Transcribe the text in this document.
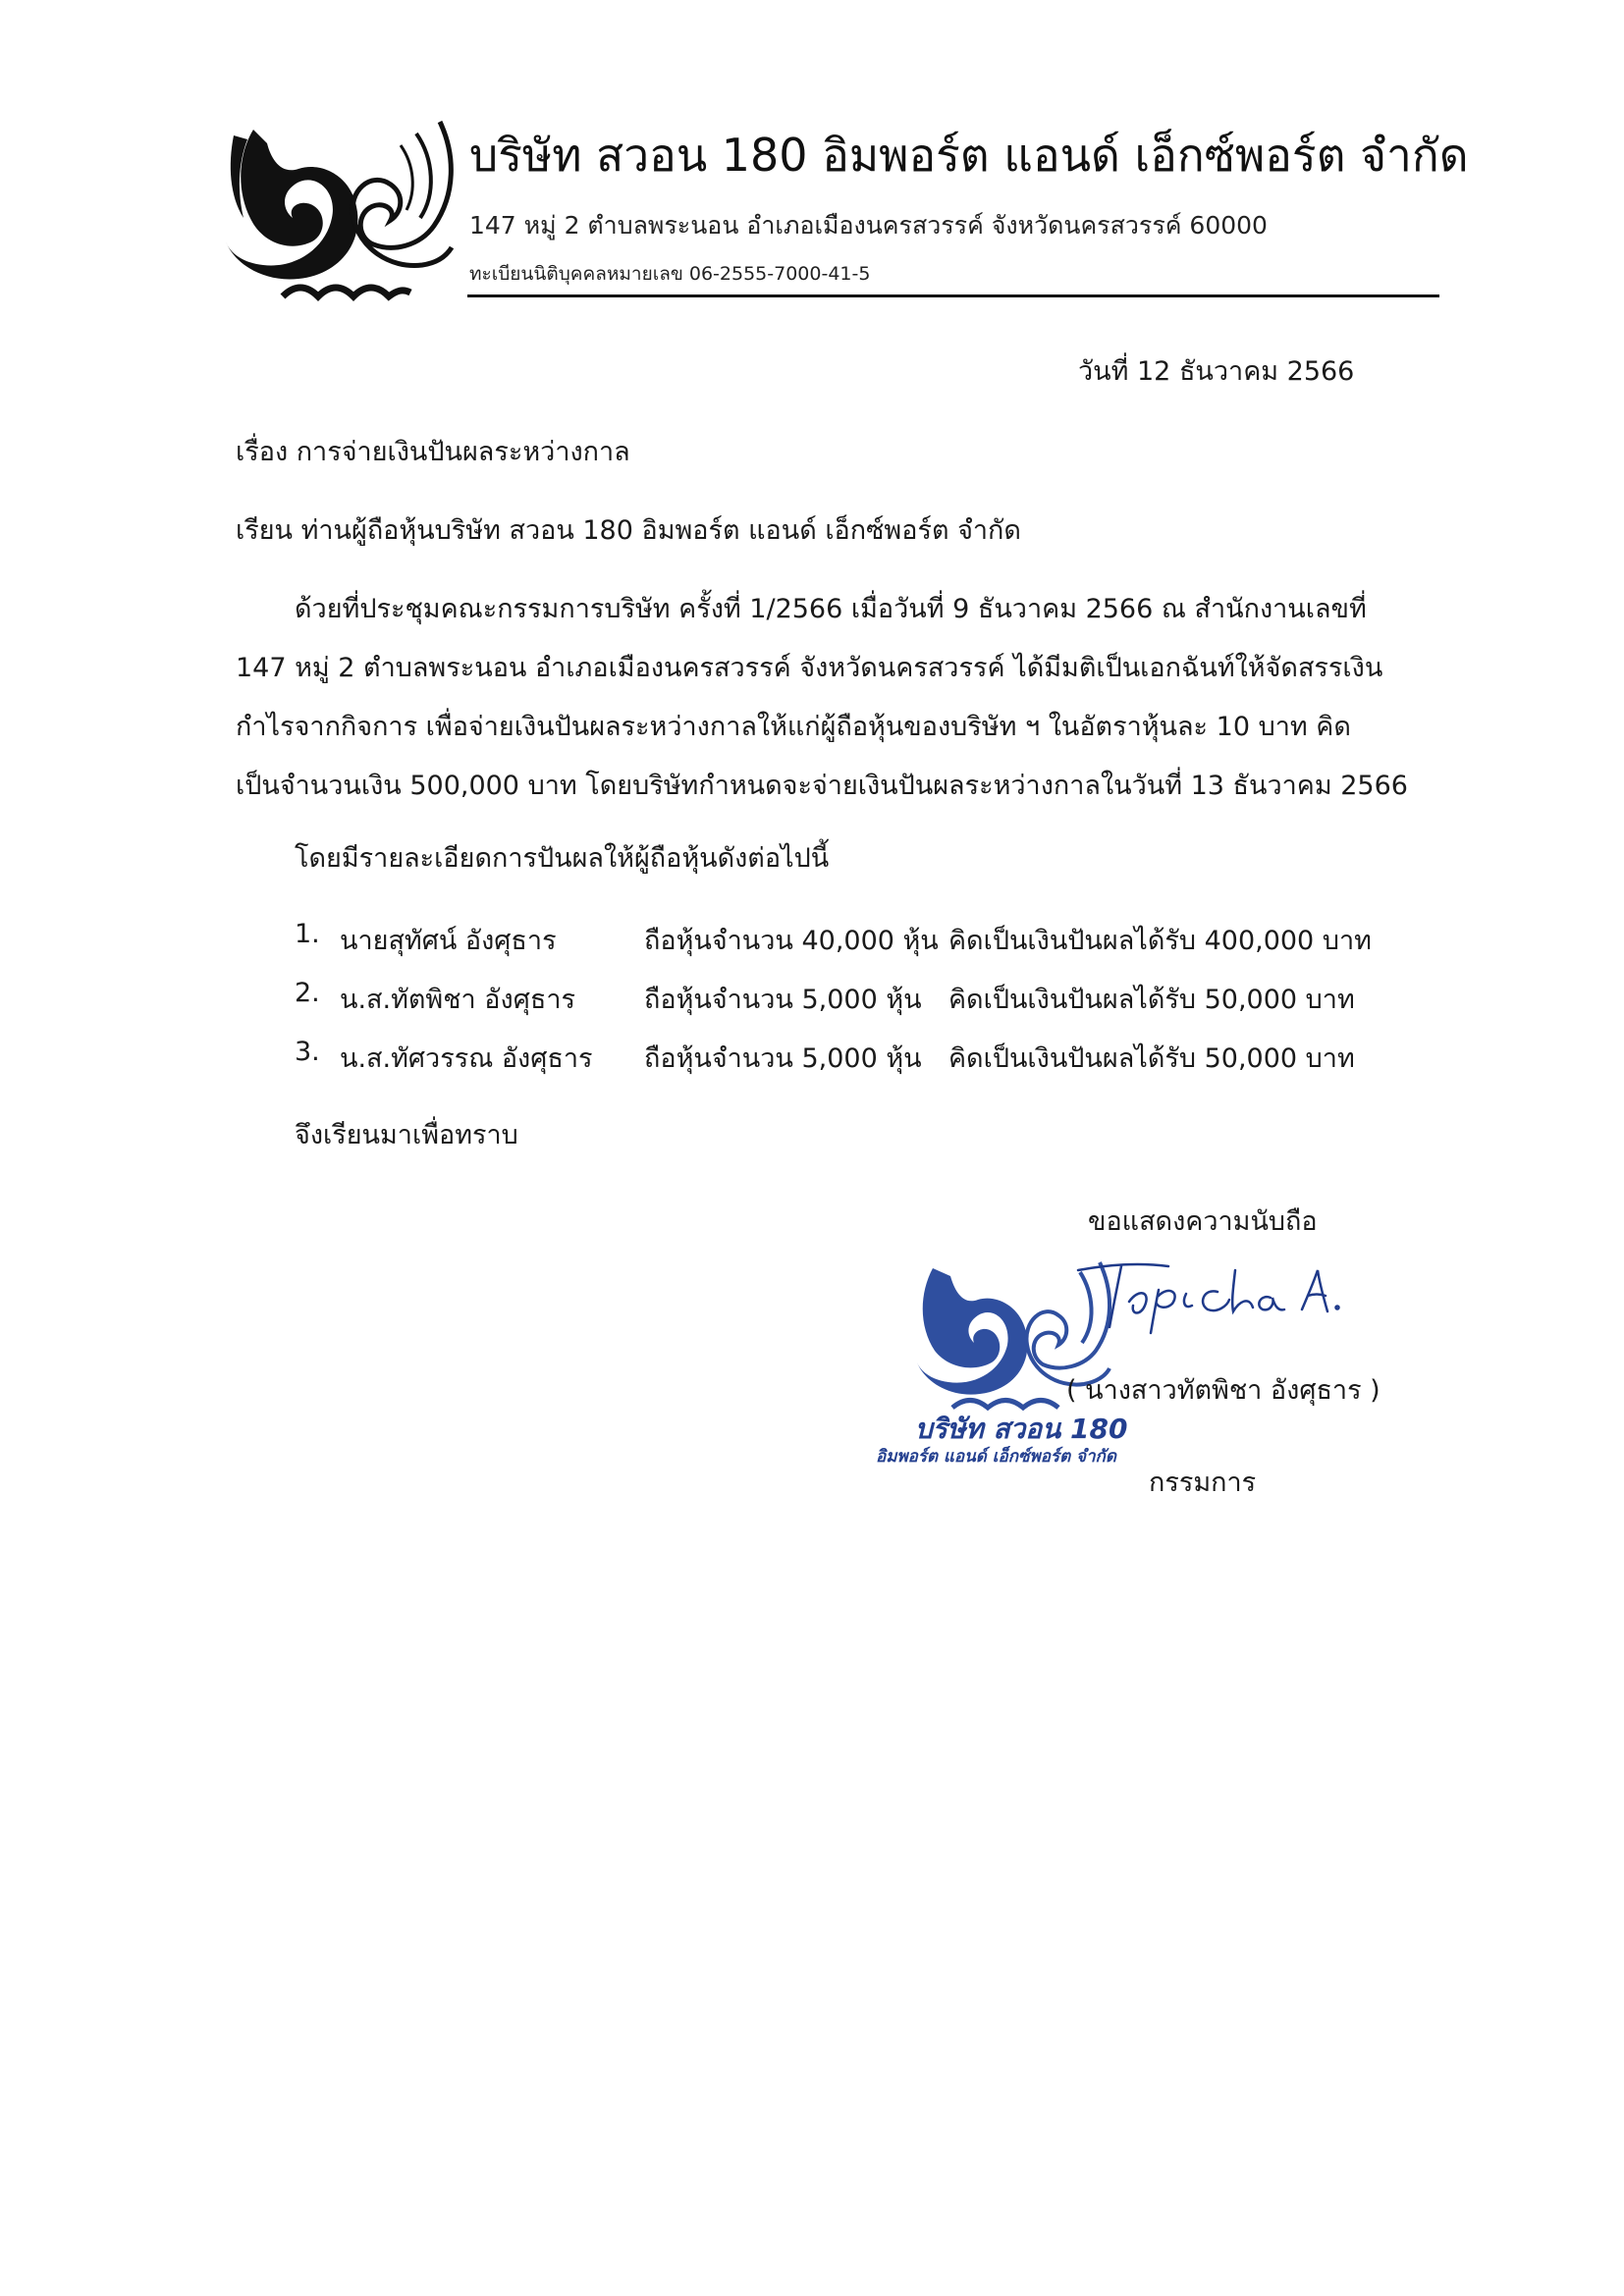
บริษัท สวอน 180 อิมพอร์ต แอนด์ เอ็กซ์พอร์ต จำกัด
147 หมู่ 2 ตำบลพระนอน อำเภอเมืองนครสวรรค์ จังหวัดนครสวรรค์ 60000
ทะเบียนนิติบุคคลหมายเลข 06-2555-7000-41-5
วันที่ 12 ธันวาคม 2566
เรื่อง การจ่ายเงินปันผลระหว่างกาล
เรียน ท่านผู้ถือหุ้นบริษัท สวอน 180 อิมพอร์ต แอนด์ เอ็กซ์พอร์ต จำกัด
ด้วยที่ประชุมคณะกรรมการบริษัท ครั้งที่ 1/2566 เมื่อวันที่ 9 ธันวาคม 2566 ณ สำนักงานเลขที่
147 หมู่ 2 ตำบลพระนอน อำเภอเมืองนครสวรรค์ จังหวัดนครสวรรค์ ได้มีมติเป็นเอกฉันท์ให้จัดสรรเงิน
กำไรจากกิจการ เพื่อจ่ายเงินปันผลระหว่างกาลให้แก่ผู้ถือหุ้นของบริษัท ฯ ในอัตราหุ้นละ 10 บาท คิด
เป็นจำนวนเงิน 500,000 บาท โดยบริษัทกำหนดจะจ่ายเงินปันผลระหว่างกาลในวันที่ 13 ธันวาคม 2566
โดยมีรายละเอียดการปันผลให้ผู้ถือหุ้นดังต่อไปนี้
1. นายสุทัศน์ อังศุธาร	ถือหุ้นจำนวน 40,000 หุ้น คิดเป็นเงินปันผลได้รับ 400,000 บาท
2. น.ส.ทัตพิชา อังศุธาร	ถือหุ้นจำนวน 5,000 หุ้น คิดเป็นเงินปันผลได้รับ 50,000 บาท
3. น.ส.ทัศวรรณ อังศุธาร ถือหุ้นจำนวน 5,000 หุ้น คิดเป็นเงินปันผลได้รับ 50,000 บาท
จึงเรียนมาเพื่อทราบ
ขอแสดงความนับถือ
บริษัท สวอน 180
อิมพอร์ต แอนด์ เอ็กซ์พอร์ต จำกัด
( นางสาวทัตพิชา อังศุธาร )
กรรมการ
